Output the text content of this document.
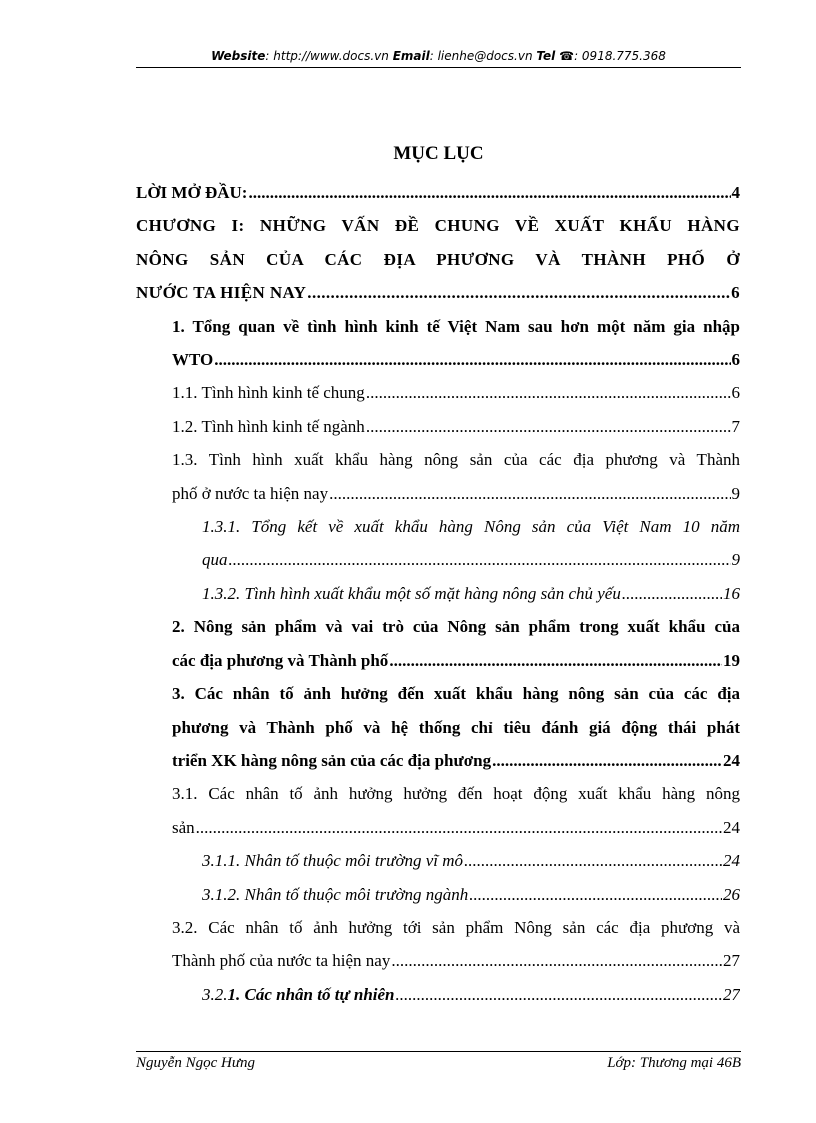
Website: http://www.docs.vn Email: lienhe@docs.vn Tel ☎: 0918.775.368
MỤC LỤC
LỜI MỞ ĐẦU: .....	4
CHƯƠNG I: NHỮNG VẤN ĐỀ CHUNG VỀ XUẤT KHẨU HÀNG
NÔNG SẢN CỦA CÁC ĐỊA PHƯƠNG VÀ THÀNH PHỐ Ở
NƯỚC TA HIỆN NAY .....	6
1. Tổng quan về tình hình kinh tế Việt Nam sau hơn một năm gia nhập
WTO .....	6
1.1. Tình hình kinh tế chung .....	6
1.2. Tình hình kinh tế ngành .....	7
1.3. Tình hình xuất khẩu hàng nông sản của các địa phương và Thành
phố ở nước ta hiện nay .....	9
1.3.1. Tổng kết về xuất khẩu hàng Nông sản của Việt Nam 10 năm
qua .....	9
1.3.2. Tình hình xuất khẩu một số mặt hàng nông sản chủ yếu .....	16
2. Nông sản phẩm và vai trò của Nông sản phẩm trong xuất khẩu của
các địa phương và Thành phố .....	19
3. Các nhân tố ảnh hưởng đến xuất khẩu hàng nông sản của các địa
phương và Thành phố và hệ thống chỉ tiêu đánh giá động thái phát
triển XK hàng nông sản của các địa phương .....	24
3.1. Các nhân tố ảnh hưởng hưởng đến hoạt động xuất khẩu hàng nông
sản .....	24
3.1.1. Nhân tố thuộc môi trường vĩ mô .....	24
3.1.2. Nhân tố thuộc môi trường ngành .....	26
3.2. Các nhân tố ảnh hưởng tới sản phẩm Nông sản các địa phương và
Thành phố của nước ta hiện nay .....	27
3.2.1. Các nhân tố tự nhiên .....	27
Nguyễn Ngọc Hưng	Lớp: Thương mại 46B
